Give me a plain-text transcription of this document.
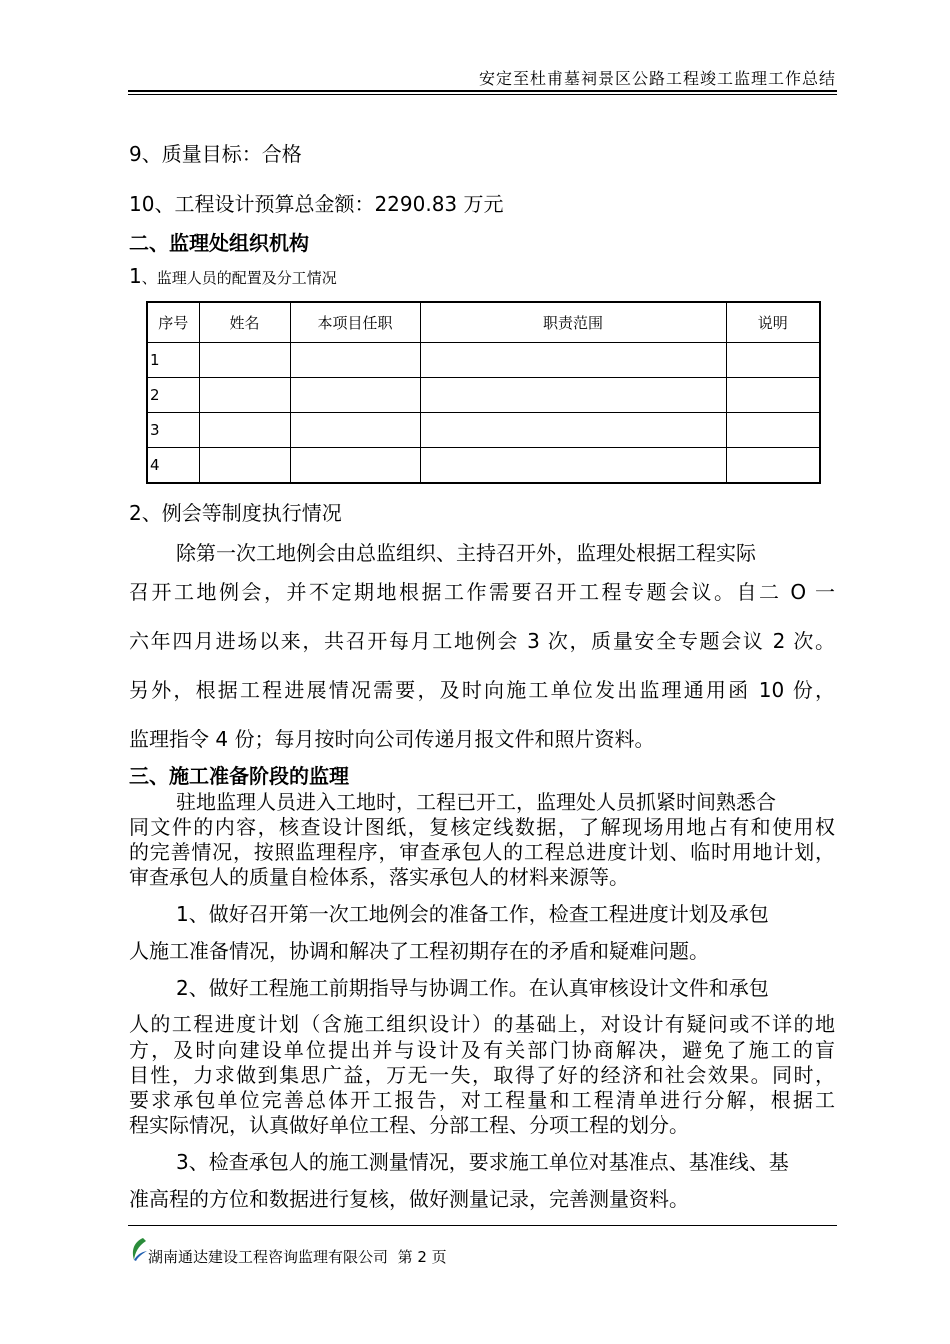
安定至杜甫墓祠景区公路工程竣工监理工作总结
9、质量目标：合格
10、工程设计预算总金额：2290.83 万元
二、监理处组织机构
1、监理人员的配置及分工情况
序号	姓名	本项目任职	职责范围	说明
1				
2				
3				
4				
2、例会等制度执行情况
除第一次工地例会由总监组织、主持召开外，监理处根据工程实际
召开工地例会，并不定期地根据工作需要召开工程专题会议。自二 O 一
六年四月进场以来，共召开每月工地例会 3 次，质量安全专题会议 2 次。
另外，根据工程进展情况需要，及时向施工单位发出监理通用函 10 份，
监理指令 4 份；每月按时向公司传递月报文件和照片资料。
三、施工准备阶段的监理
驻地监理人员进入工地时，工程已开工，监理处人员抓紧时间熟悉合
同文件的内容，核查设计图纸，复核定线数据，了解现场用地占有和使用权
的完善情况，按照监理程序，审查承包人的工程总进度计划、临时用地计划，
审查承包人的质量自检体系，落实承包人的材料来源等。
1、做好召开第一次工地例会的准备工作，检查工程进度计划及承包
人施工准备情况，协调和解决了工程初期存在的矛盾和疑难问题。
2、做好工程施工前期指导与协调工作。在认真审核设计文件和承包
人的工程进度计划（含施工组织设计）的基础上，对设计有疑问或不详的地
方，及时向建设单位提出并与设计及有关部门协商解决，避免了施工的盲
目性，力求做到集思广益，万无一失，取得了好的经济和社会效果。同时，
要求承包单位完善总体开工报告，对工程量和工程清单进行分解，根据工
程实际情况，认真做好单位工程、分部工程、分项工程的划分。
3、检查承包人的施工测量情况，要求施工单位对基准点、基准线、基
准高程的方位和数据进行复核，做好测量记录，完善测量资料。
湖南通达建设工程咨询监理有限公司 第 2 页
